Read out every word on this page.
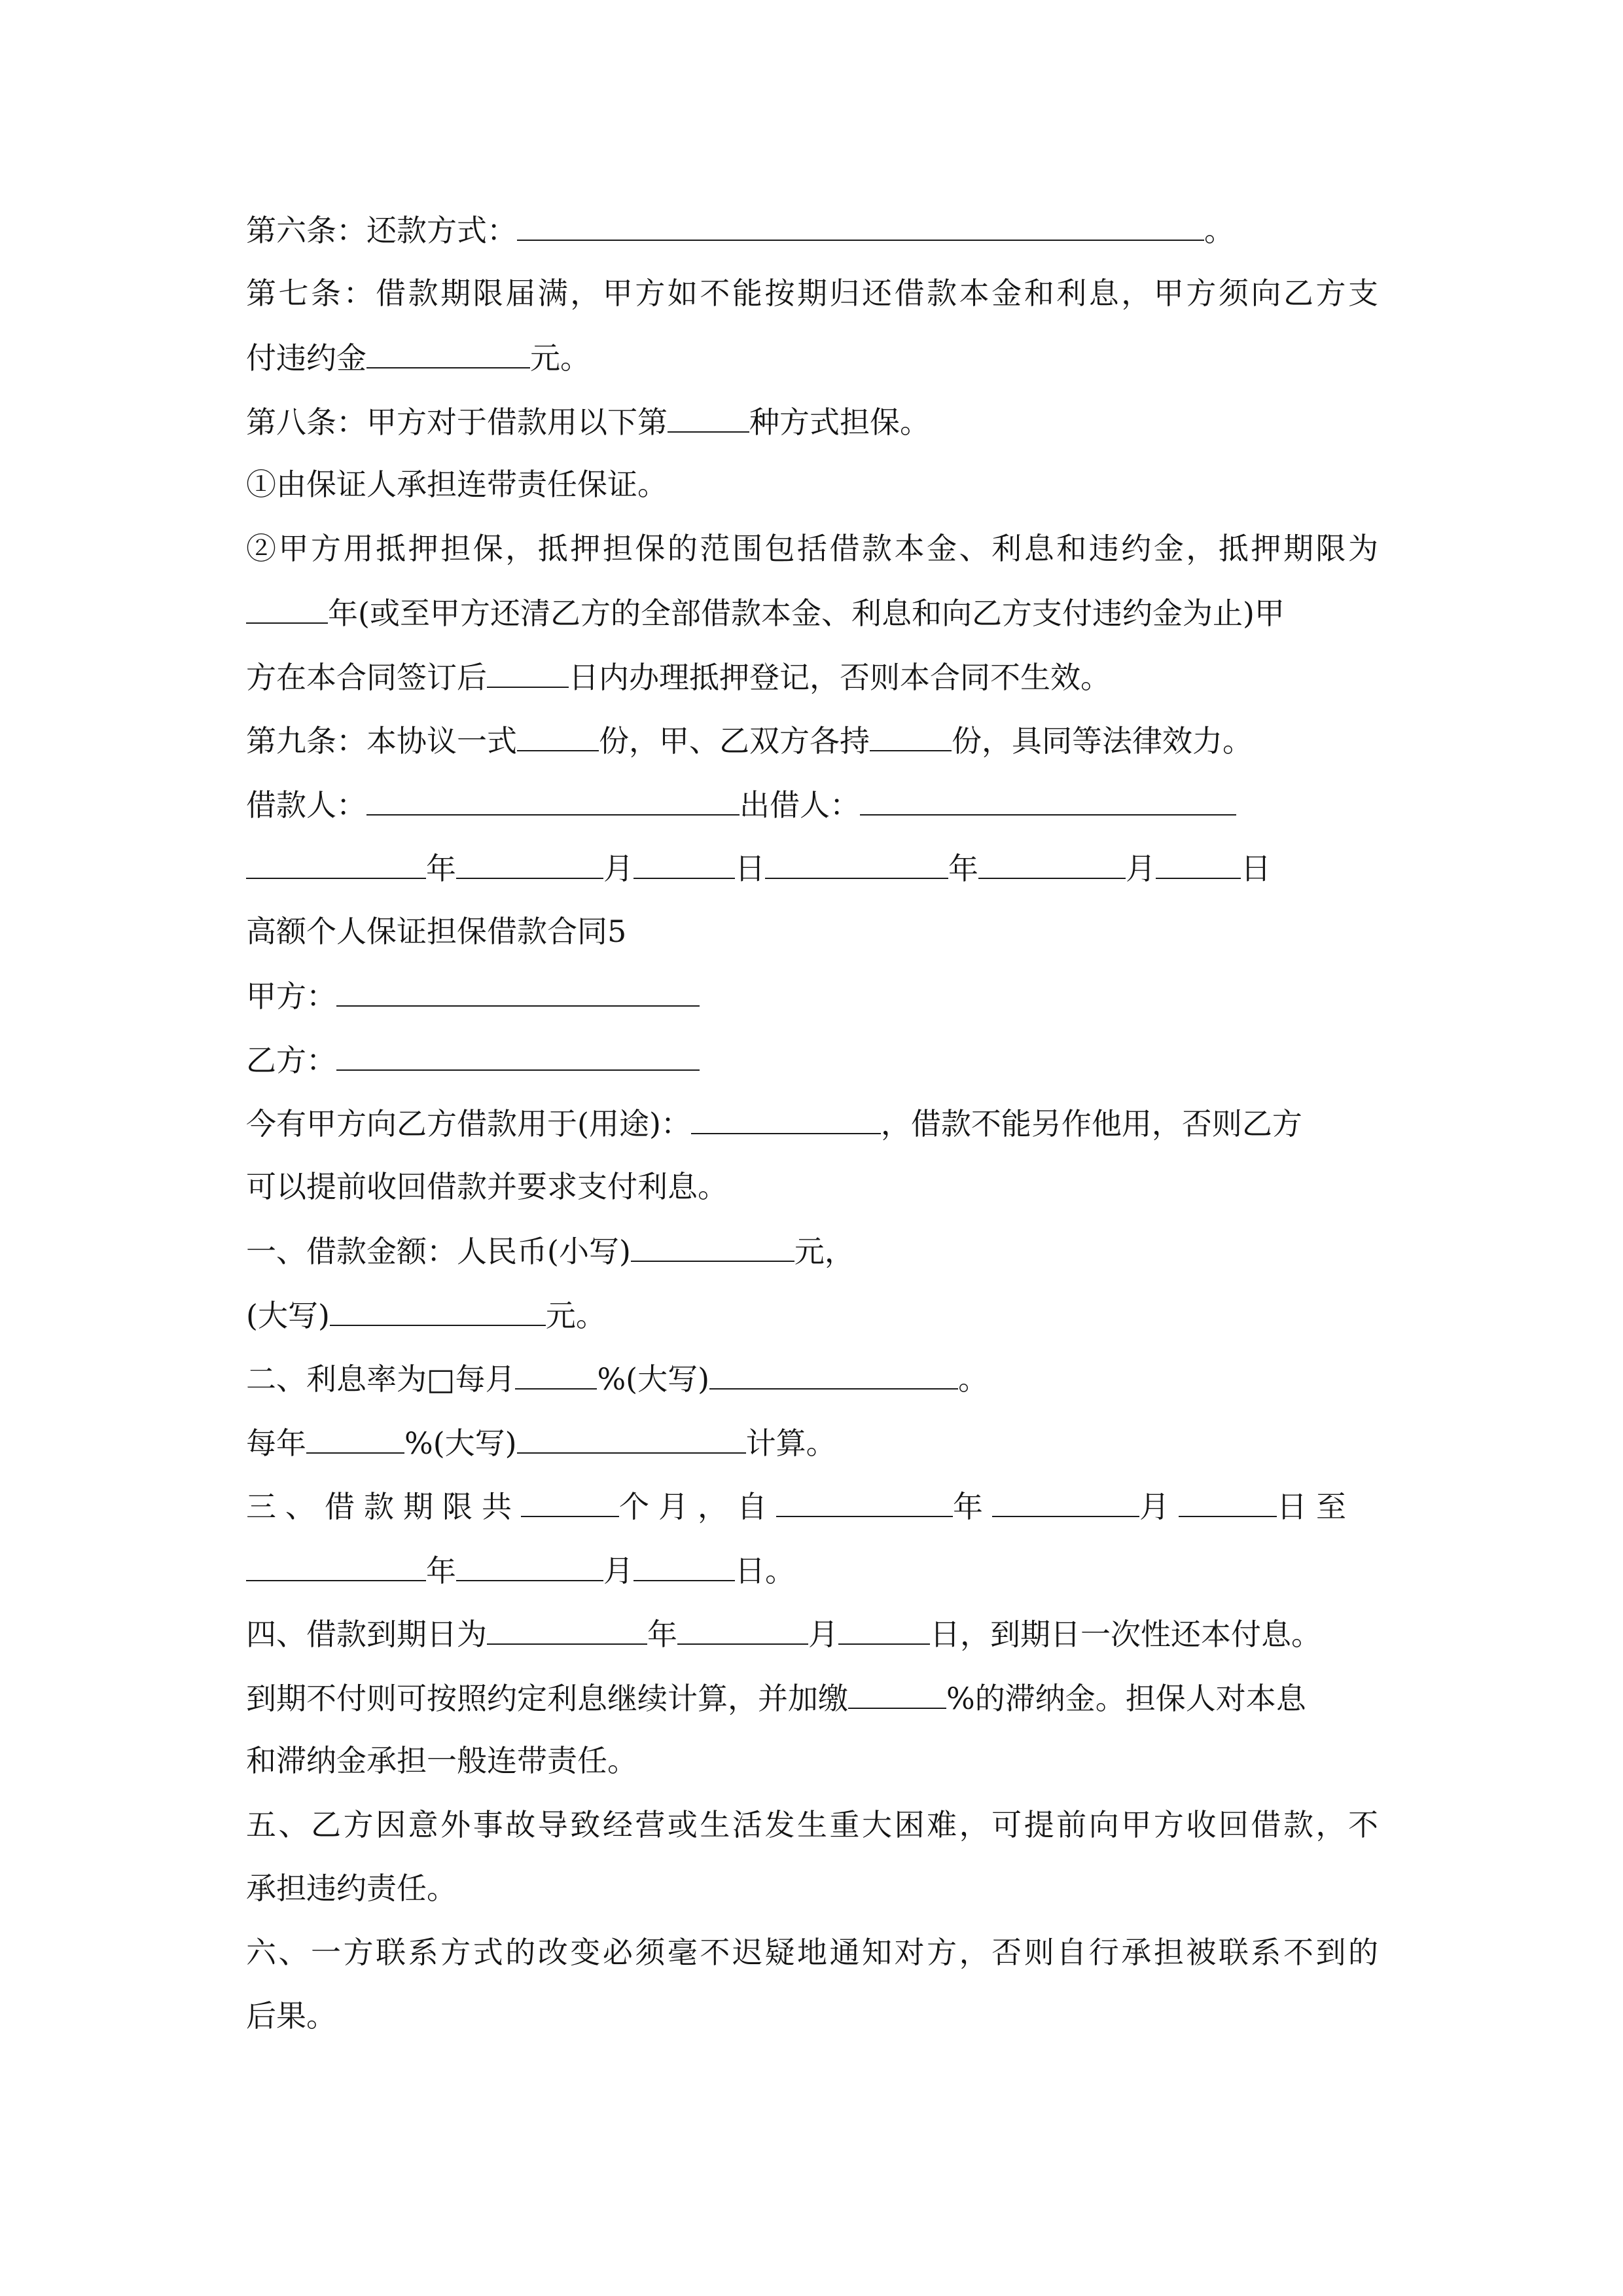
第六条：还款方式：	。
第七条：借款期限届满，甲方如不能按期归还借款本金和利息，甲方须向乙方支
付违约金	元。
第八条：甲方对于借款用以下第	种方式担保。
①由保证人承担连带责任保证。
②甲方用抵押担保，抵押担保的范围包括借款本金、利息和违约金，抵押期限为
年(或至甲方还清乙方的全部借款本金、利息和向乙方支付违约金为止)甲
方在本合同签订后	日内办理抵押登记，否则本合同不生效。
第九条：本协议一式	份，甲、乙双方各持	份，具同等法律效力。
借款人：	出借人：
年	月	日	年	月	日
高额个人保证担保借款合同5
甲方：
乙方：
今有甲方向乙方借款用于(用途)：	，借款不能另作他用，否则乙方
可以提前收回借款并要求支付利息。
一、借款金额：人民币(小写)	元，
(大写)	元。
二、利息率为□每月	%(大写)	。
每年	%(大写)	计算。
三、借款期限共	个月，自	年	月	日至
年	月	日。
四、借款到期日为	年	月	日，到期日一次性还本付息。
到期不付则可按照约定利息继续计算，并加缴	%的滞纳金。担保人对本息
和滞纳金承担一般连带责任。
五、乙方因意外事故导致经营或生活发生重大困难，可提前向甲方收回借款，不
承担违约责任。
六、一方联系方式的改变必须毫不迟疑地通知对方，否则自行承担被联系不到的
后果。
